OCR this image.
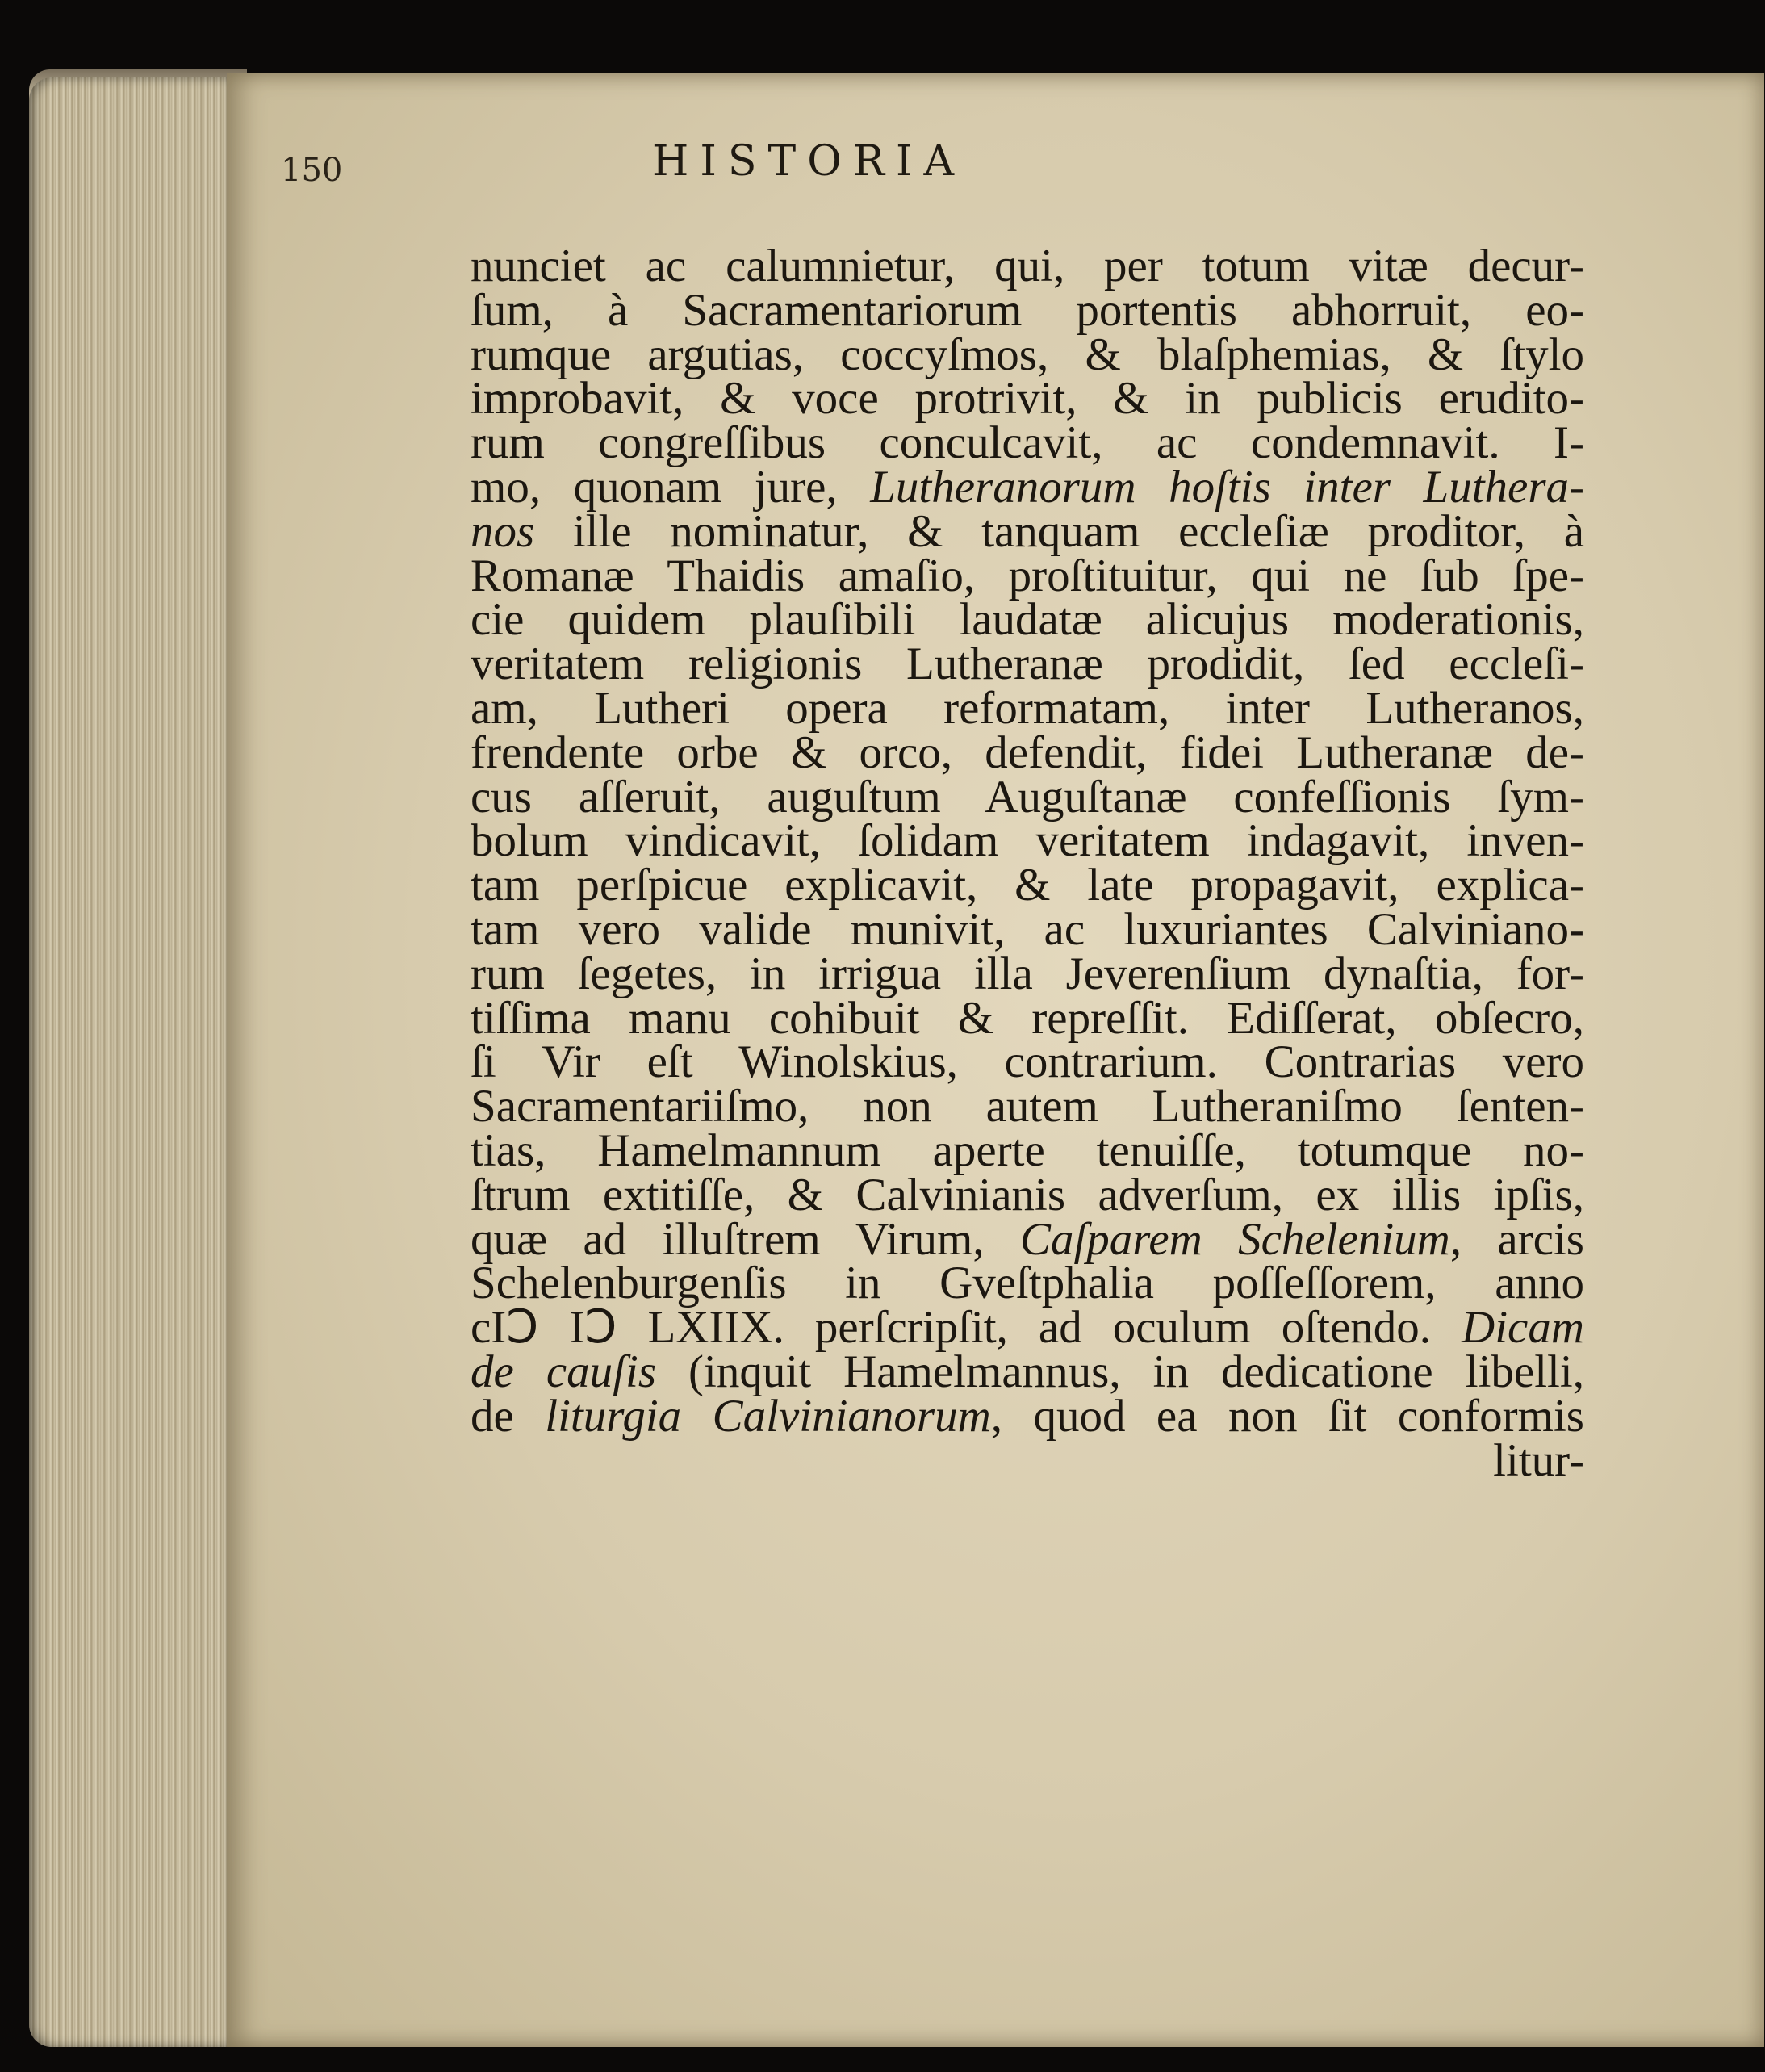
150	HISTORIA
nunciet ac calumnietur, qui, per totum vitæ decur-
ſum, à Sacramentariorum portentis abhorruit, eo-
rumque argutias, coccyſmos, & blaſphemias, & ſtylo
improbavit, & voce protrivit, & in publicis erudito-
rum congreſſibus conculcavit, ac condemnavit. I-
mo, quonam jure, Lutheranorum hoſtis inter Luthera-
nos ille nominatur, & tanquam eccleſiæ proditor, à
Romanæ Thaidis amaſio, proſtituitur, qui ne ſub ſpe-
cie quidem plauſibili laudatæ alicujus moderationis,
veritatem religionis Lutheranæ prodidit, ſed eccleſi-
am, Lutheri opera reformatam, inter Lutheranos,
frendente orbe & orco, defendit, fidei Lutheranæ de-
cus aſſeruit, auguſtum Auguſtanæ confeſſionis ſym-
bolum vindicavit, ſolidam veritatem indagavit, inven-
tam perſpicue explicavit, & late propagavit, explica-
tam vero valide munivit, ac luxuriantes Calviniano-
rum ſegetes, in irrigua illa Jeverenſium dynaſtia, for-
tiſſima manu cohibuit & repreſſit. Ediſſerat, obſecro,
ſi Vir eſt Winolskius, contrarium. Contrarias vero
Sacramentariiſmo, non autem Lutheraniſmo ſenten-
tias, Hamelmannum aperte tenuiſſe, totumque no-
ſtrum extitiſſe, & Calvinianis adverſum, ex illis ipſis,
quæ ad illuſtrem Virum, Caſparem Schelenium, arcis
Schelenburgenſis in Gveſtphalia poſſeſſorem, anno
cIↃ IↃ LXIIX. perſcripſit, ad oculum oſtendo. Dicam
de cauſis (inquit Hamelmannus, in dedicatione libelli,
de liturgia Calvinianorum, quod ea non ſit conformis
litur-
